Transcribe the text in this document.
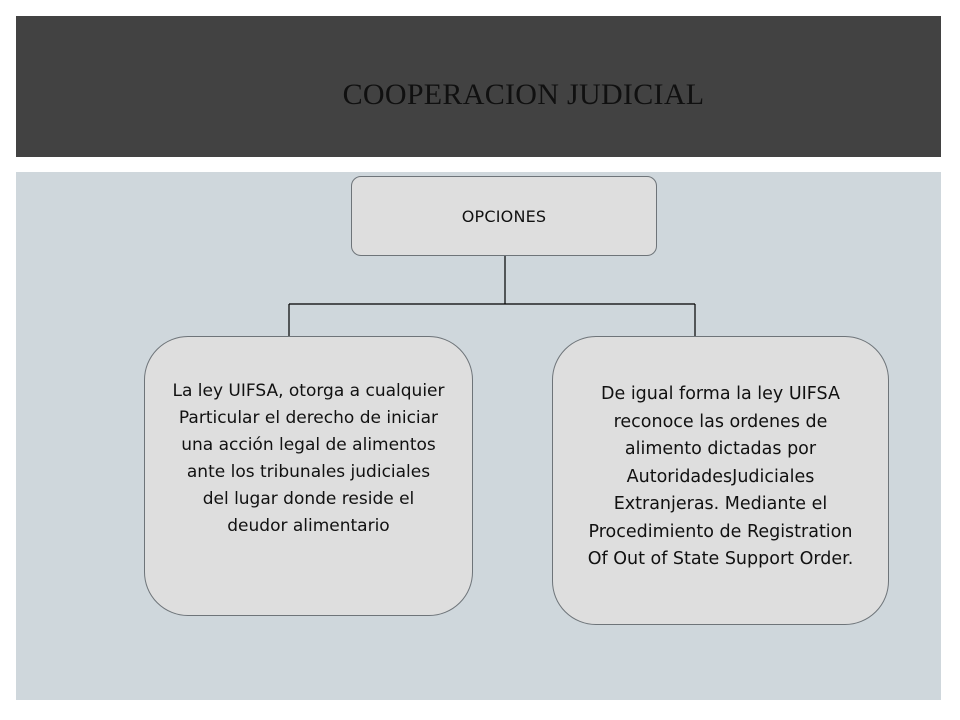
COOPERACION JUDICIAL
OPCIONES
La ley UIFSA, otorga a cualquier
Particular el derecho de iniciar
una acción legal de alimentos
ante los tribunales judiciales
del lugar donde reside el
deudor alimentario
De igual forma la ley UIFSA
reconoce las ordenes de
alimento dictadas por
AutoridadesJudiciales
Extranjeras. Mediante el
Procedimiento de Registration
Of Out of State Support Order.
